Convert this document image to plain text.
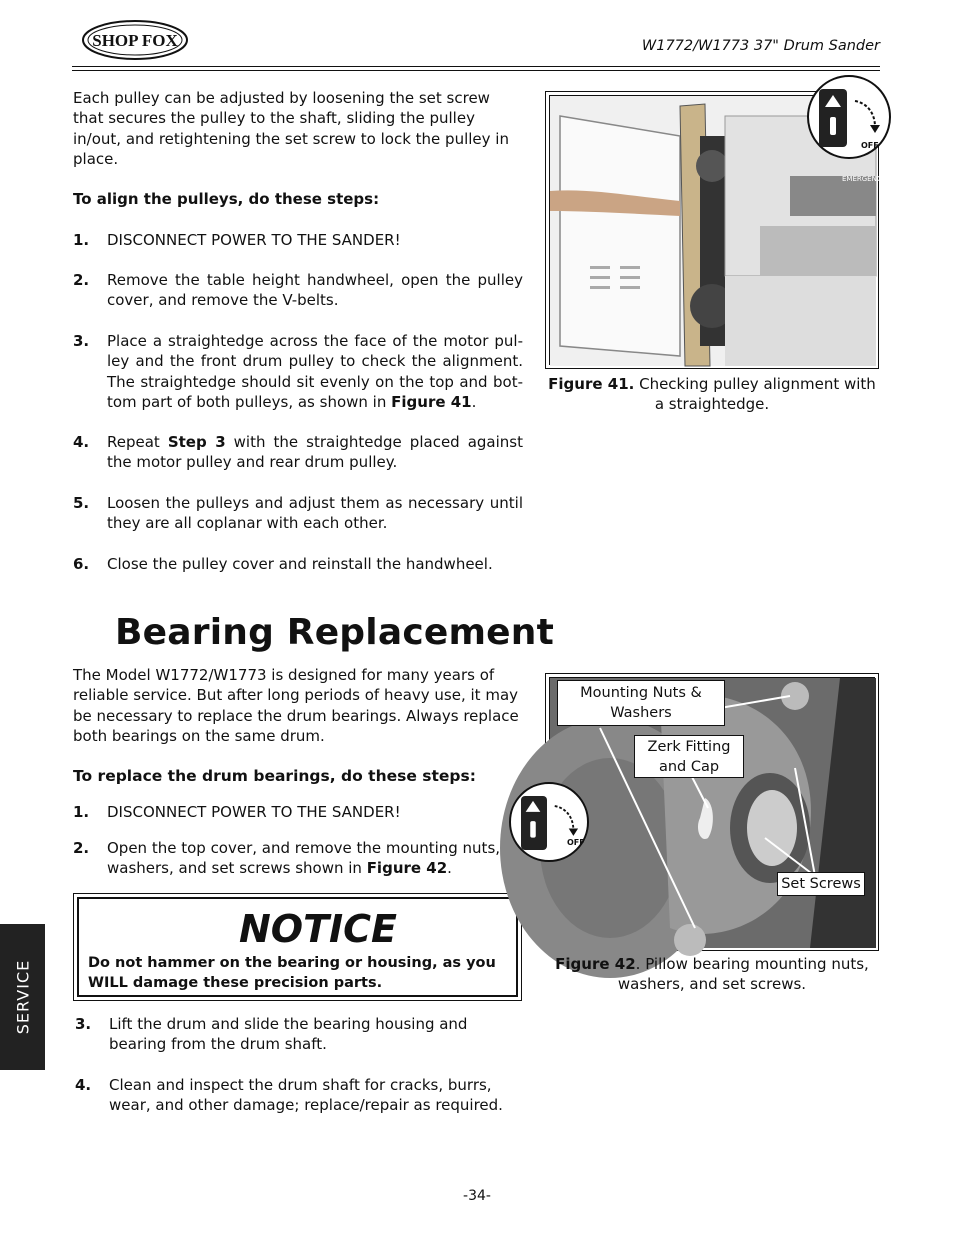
SHOP FOX	W1772/W1773 37" Drum Sander
Each pulley can be adjusted by loosening the set screw that secures the pulley to the shaft, sliding the pulley in/out, and retightening the set screw to lock the pulley in place.
To align the pulleys, do these steps:
1. DISCONNECT POWER TO THE SANDER!
2. Remove the table height handwheel, open the pulley cover, and remove the V-belts.
3. Place a straightedge across the face of the motor pul-ley and the front drum pulley to check the alignment. The straightedge should sit evenly on the top and bot-tom part of both pulleys, as shown in Figure 41.
4. Repeat Step 3 with the straightedge placed against the motor pulley and rear drum pulley.
5. Loosen the pulleys and adjust them as necessary until they are all coplanar with each other.
6. Close the pulley cover and reinstall the handwheel.
Bearing Replacement
The Model W1772/W1773 is designed for many years of reliable service. But after long periods of heavy use, it may be necessary to replace the drum bearings. Always replace both bearings on the same drum.
To replace the drum bearings, do these steps:
1. DISCONNECT POWER TO THE SANDER!
2. Open the top cover, and remove the mounting nuts, washers, and set screws shown in Figure 42.
NOTICE
Do not hammer on the bearing or housing, as you WILL damage these precision parts.
3. Lift the drum and slide the bearing housing and bearing from the drum shaft.
4. Clean and inspect the drum shaft for cracks, burrs, wear, and other damage; replace/repair as required.
EMERGENC
OFF
Figure 41. Checking pulley alignment with a straightedge.
Mounting Nuts & Washers
Zerk Fitting and Cap
Set Screws
OFF
Figure 42. Pillow bearing mounting nuts, washers, and set screws.
SERVICE
-34-
